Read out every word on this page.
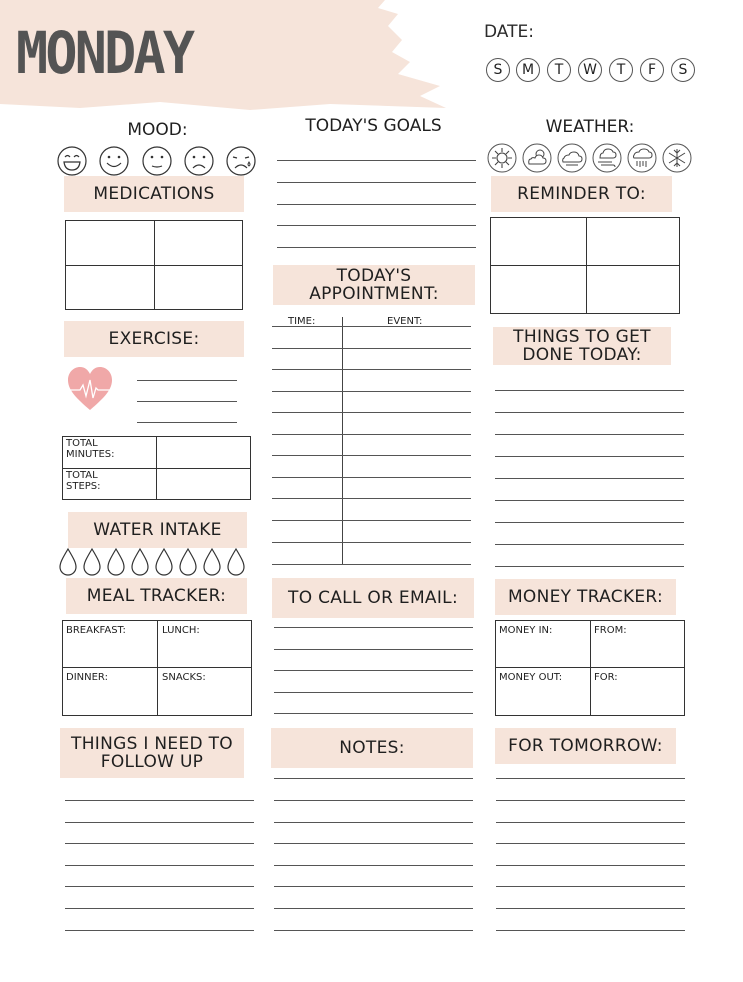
MONDAY	DATE:
S	M	T	W	T	F	S
MOOD:	TODAY'S GOALS	WEATHER:
MEDICATIONS	REMINDER TO:
TODAY'S
APPOINTMENT:
TIME:	EVENT:
EXERCISE:
TOTAL MINUTES:
TOTAL STEPS:
THINGS TO GET
DONE TODAY:
WATER INTAKE
MEAL TRACKER:
BREAKFAST:	LUNCH:
DINNER:	SNACKS:
TO CALL OR EMAIL:	MONEY TRACKER:
MONEY IN:	FROM:
MONEY OUT:	FOR:
THINGS I NEED TO
FOLLOW UP
NOTES:	FOR TOMORROW:
